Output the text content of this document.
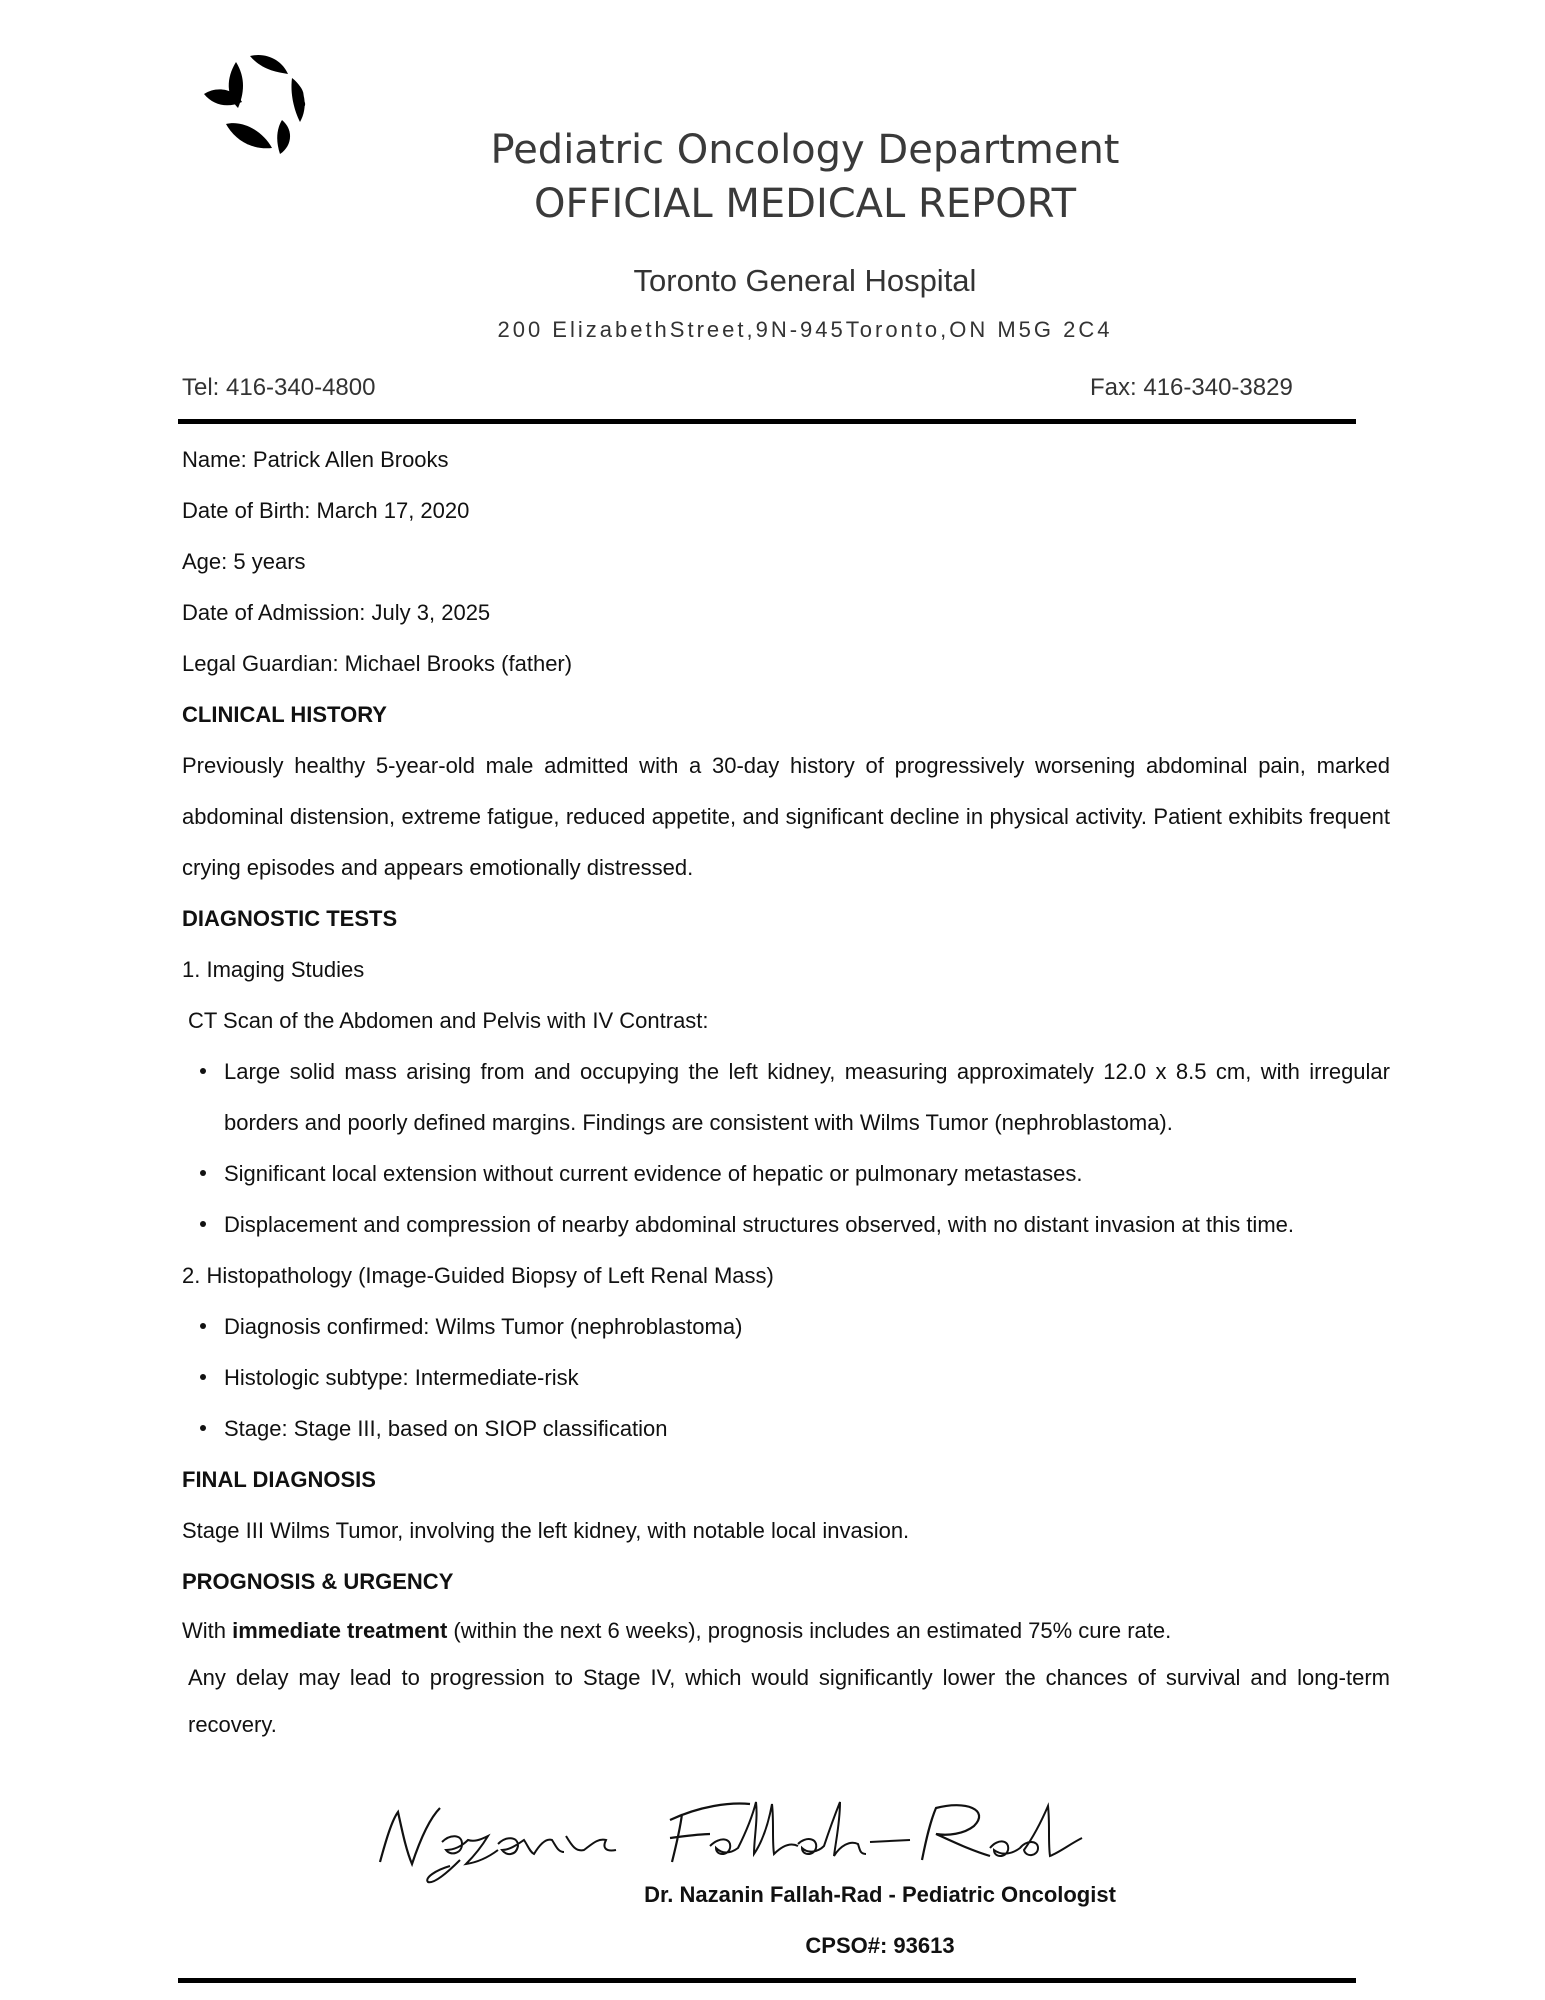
Pediatric Oncology Department
OFFICIAL MEDICAL REPORT
Toronto General Hospital
200 ElizabethStreet,9N-945Toronto,ON M5G 2C4
Tel: 416-340-4800	Fax: 416-340-3829

Name: Patrick Allen Brooks

Date of Birth: March 17, 2020

Age: 5 years

Date of Admission: July 3, 2025

Legal Guardian: Michael Brooks (father)

CLINICAL HISTORY

Previously healthy 5-year-old male admitted with a 30-day history of progressively worsening abdominal pain, marked abdominal distension, extreme fatigue, reduced appetite, and significant decline in physical activity. Patient exhibits frequent crying episodes and appears emotionally distressed.

DIAGNOSTIC TESTS

1. Imaging Studies

CT Scan of the Abdomen and Pelvis with IV Contrast:

Large solid mass arising from and occupying the left kidney, measuring approximately 12.0 x 8.5 cm, with irregular borders and poorly defined margins. Findings are consistent with Wilms Tumor (nephroblastoma).
Significant local extension without current evidence of hepatic or pulmonary metastases.
Displacement and compression of nearby abdominal structures observed, with no distant invasion at this time.

2. Histopathology (Image-Guided Biopsy of Left Renal Mass)

Diagnosis confirmed: Wilms Tumor (nephroblastoma)
Histologic subtype: Intermediate-risk
Stage: Stage III, based on SIOP classification

FINAL DIAGNOSIS

Stage III Wilms Tumor, involving the left kidney, with notable local invasion.

PROGNOSIS & URGENCY

With immediate treatment (within the next 6 weeks), prognosis includes an estimated 75% cure rate.

Any delay may lead to progression to Stage IV, which would significantly lower the chances of survival and long-term recovery.

Dr. Nazanin Fallah-Rad - Pediatric Oncologist
CPSO#: 93613
